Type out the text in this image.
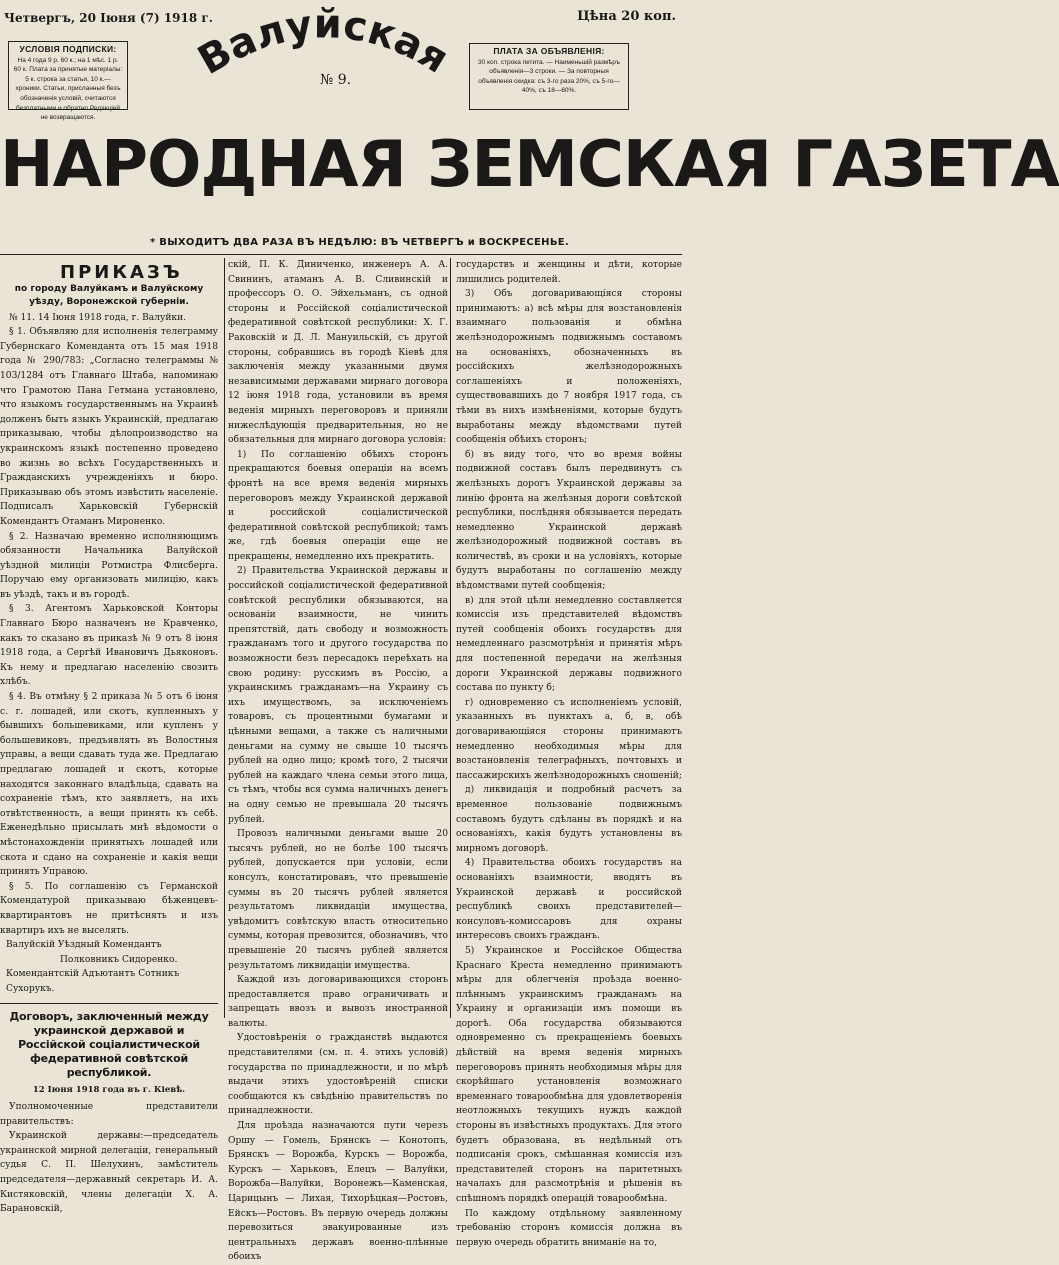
Четвергъ, 20 Іюня (7) 1918 г.	Цѣна 20 коп.
УСЛОВІЯ ПОДПИСКИ:
На 4 года 9 р. 60 к.; на 1 мѣс. 1 р. 60 к. Плата за принятые матеріалы: 5 к. строка за статьи, 10 к.—хроники. Статьи, присланныя безъ обозначенія условій, считаются безплатными и обратно Редакціей не возвращаются.
ПЛАТА ЗА ОБЪЯВЛЕНІЯ:
30 коп. строка петита. — Наименьшій размѣръ объявленія—3 строки. — За повторныя объявленія скидка: съ 3-го раза 20%, съ 5-го—40%, съ 18—60%.
Валуйская
№ 9.
НАРОДНАЯ ЗЕМСКАЯ ГАЗЕТА
* ВЫХОДИТЪ ДВА РАЗА ВЪ НЕДѢЛЮ: ВЪ ЧЕТВЕРГЪ и ВОСКРЕСЕНЬЕ.
ПРИКАЗЪ
по городу Валуйкамъ и Валуйскому уѣзду, Воронежской губерніи.

№ 11. 14 Іюня 1918 года, г. Валуйки.

§ 1. Объявляю для исполненія телеграмму Губернскаго Коменданта отъ 15 мая 1918 года № 290/783: „Согласно телеграммы № 103/1284 отъ Главнаго Штаба, напоминаю что Грамотою Пана Гетмана установлено, что языкомъ государственнымъ на Украинѣ долженъ быть языкъ Украинскій, предлагаю приказываю, чтобы дѣлопроизводство на украинскомъ языкѣ постепенно проведено во жизнь во всѣхъ Государственныхъ и Гражданскихъ учрежденіяхъ и бюро. Приказываю объ этомъ извѣстить населеніе. Подписалъ Харьковскій Губернскій Комендантъ Отаманъ Мироненко.

§ 2. Назначаю временно исполняющимъ обязанности Начальника Валуйской уѣздной милиціи Ротмистра Флисберга. Поручаю ему организовать милицію, какъ въ уѣздѣ, такъ и въ городѣ.

§ 3. Агентомъ Харьковской Конторы Главнаго Бюро назначенъ не Кравченко, какъ то сказано въ приказѣ № 9 отъ 8 іюня 1918 года, а Сергѣй Ивановичъ Дьяконовъ. Къ нему и предлагаю населенію свозить хлѣбъ.

§ 4. Въ отмѣну § 2 приказа № 5 отъ 6 іюня с. г. лошадей, или скотъ, купленныхъ у бывшихъ большевиками, или купленъ у большевиковъ, предъявлять въ Волостныя управы, а вещи сдавать туда же. Предлагаю предлагаю лошадей и скотъ, которые находятся законнаго владѣльца, сдавать на сохраненіе тѣмъ, кто заявляетъ, на ихъ отвѣтственность, а вещи принять къ себѣ. Еженедѣльно присылать мнѣ вѣдомости о мѣстонахожденіи принятыхъ лошадей или скота и сдано на сохраненіе и какія вещи принять Управою.

§ 5. По соглашенію съ Германской Комендатурой приказываю бѣженцевъ-квартирантовъ не притѣснять и изъ квартиръ ихъ не выселять.

Валуйскій Уѣздный Комендантъ

Полковникъ Сидоренко.

Комендантскій Адъютантъ Сотникъ Сухорукъ.

Договоръ, заключенный между украинской державой и Россійской соціалистической федеративной совѣтской республикой.
12 Іюня 1918 года въ г. Кіевѣ.

Уполномоченные представители правительствъ:

Украинской державы:—председатель украинской мирной делегаціи, генеральный судья С. П. Шелухинъ, замѣститель председателя—державный секретарь И. А. Кистяковскій, члены делегаціи Х. А. Барановскій,

скій, П. К. Диниченко, инженеръ А. А. Свининъ, атаманъ А. В. Сливинскій и профессоръ О. О. Эйхельманъ, съ одной стороны и Россійской соціалистической федеративной совѣтской республики: Х. Г. Раковскій и Д. Л. Мануильскій, съ другой стороны, собравшись въ городѣ Кіевѣ для заключенія между указанными двумя независимыми державами мирнаго договора 12 іюня 1918 года, установили въ время веденія мирныхъ переговоровъ и приняли нижеслѣдующія предварительныя, но не обязательныя для мирнаго договора условія:

1) По соглашенію обѣихъ сторонъ прекращаются боевыя операціи на всемъ фронтѣ на все время веденія мирныхъ переговоровъ между Украинской державой и российской соціалистической федеративной совѣтской республикой; тамъ же, гдѣ боевыя операціи еще не прекращены, немедленно ихъ прекратить.

2) Правительства Украинской державы и российской соціалистической федеративной совѣтской республики обязываются, на основаніи взаимности, не чинить препятствій, дать свободу и возможность гражданамъ того и другого государства по возможности безъ пересадокъ переѣхать на свою родину: русскимъ въ Россію, а украинскимъ гражданамъ—на Украину съ ихъ имуществомъ, за исключеніемъ товаровъ, съ процентными бумагами и цѣнными вещами, а также съ наличными деньгами на сумму не свыше 10 тысячъ рублей на одно лицо; кромѣ того, 2 тысячи рублей на каждаго члена семьи этого лица, съ тѣмъ, чтобы вся сумма наличныхъ денегъ на одну семью не превышала 20 тысячъ рублей.

Провозъ наличными деньгами выше 20 тысячъ рублей, но не болѣе 100 тысячъ рублей, допускается при условіи, если консулъ, констатировавъ, что превышеніе суммы въ 20 тысячъ рублей является результатомъ ликвидаціи имущества, увѣдомитъ совѣтскую власть относительно суммы, которая превозится, обозначивъ, что превышеніе 20 тысячъ рублей является результатомъ ликвидаціи имущества.

Каждой изъ договаривающихся сторонъ предоставляется право ограничивать и запрещать ввозъ и вывозъ иностранной валюты.

Удостовѣренія о гражданствѣ выдаются представителями (см. п. 4. этихъ условій) государства по принадлежности, и по мѣрѣ выдачи этихъ удостовѣреній списки сообщаются къ свѣдѣнію правительствъ по принадлежности.

Для проѣзда назначаются пути черезъ Оршу — Гомель, Брянскъ — Конотопъ, Брянскъ — Ворожба, Курскъ — Ворожба, Курскъ — Харьковъ, Елецъ — Валуйки, Ворожба—Валуйки, Воронежъ—Каменская, Царицынъ — Лихая, Тихорѣцкая—Ростовъ, Ейскъ—Ростовъ. Въ первую очередь должны перевозиться эвакуированные изъ центральныхъ державъ военно-плѣнные обоихъ

государствъ и женщины и дѣти, которые лишились родителей.

3) Объ договаривающіяся стороны принимаютъ: а) всѣ мѣры для возстановленія взаимнаго пользованія и обмѣна желѣзнодорожнымъ подвижнымъ составомъ на основаніяхъ, обозначенныхъ въ россійскихъ желѣзнодорожныхъ соглашеніяхъ и положеніяхъ, существовавшихъ до 7 ноября 1917 года, съ тѣми въ нихъ измѣненіями, которые будутъ выработаны между вѣдомствами путей сообщенія обѣихъ сторонъ;

б) въ виду того, что во время войны подвижной составъ былъ передвинутъ съ желѣзныхъ дорогъ Украинской державы за линію фронта на желѣзныя дороги совѣтской республики, послѣдняя обязывается передать немедленно Украинской державѣ желѣзнодорожный подвижной составъ въ количествѣ, въ сроки и на условіяхъ, которые будутъ выработаны по соглашенію между вѣдомствами путей сообщенія;

в) для этой цѣли немедленно составляется комиссія изъ представителей вѣдомствъ путей сообщенія обоихъ государствъ для немедленнаго разсмотрѣнія и принятія мѣръ для постепенной передачи на желѣзныя дороги Украинской державы подвижного состава по пункту б;

г) одновременно съ исполненіемъ условій, указанныхъ въ пунктахъ а, б, в, обѣ договаривающіяся стороны принимаютъ немедленно необходимыя мѣры для возстановленія телеграфныхъ, почтовыхъ и пассажирскихъ желѣзнодорожныхъ сношеній;

д) ликвидація и подробный расчетъ за временное пользованіе подвижнымъ составомъ будутъ сдѣланы въ порядкѣ и на основаніяхъ, какія будутъ установлены въ мирномъ договорѣ.

4) Правительства обоихъ государствъ на основаніяхъ взаимности, вводятъ въ Украинской державѣ и российской республикѣ своихъ представителей—консуловъ-комиссаровъ для охраны интересовъ своихъ гражданъ.

5) Украинское и Россійское Общества Краснаго Креста немедленно принимаютъ мѣры для облегченія проѣзда военно-плѣннымъ украинскимъ гражданамъ на Украину и организаціи имъ помощи въ дорогѣ. Оба государства обязываются одновременно съ прекращеніемъ боевыхъ дѣйствій на время веденія мирныхъ переговоровъ принять необходимыя мѣры для скорѣйшаго установленія возможнаго временнаго товарообмѣна для удовлетворенія неотложныхъ текущихъ нуждъ каждой стороны въ извѣстныхъ продуктахъ. Для этого будетъ образована, въ недѣльный отъ подписанія срокъ, смѣшанная комиссія изъ представителей сторонъ на паритетныхъ началахъ для разсмотрѣнія и рѣшенія въ спѣшномъ порядкѣ операцій товарообмѣна.

По каждому отдѣльному заявленному требованію сторонъ комиссія должна въ первую очередь обратить вниманіе на то,
